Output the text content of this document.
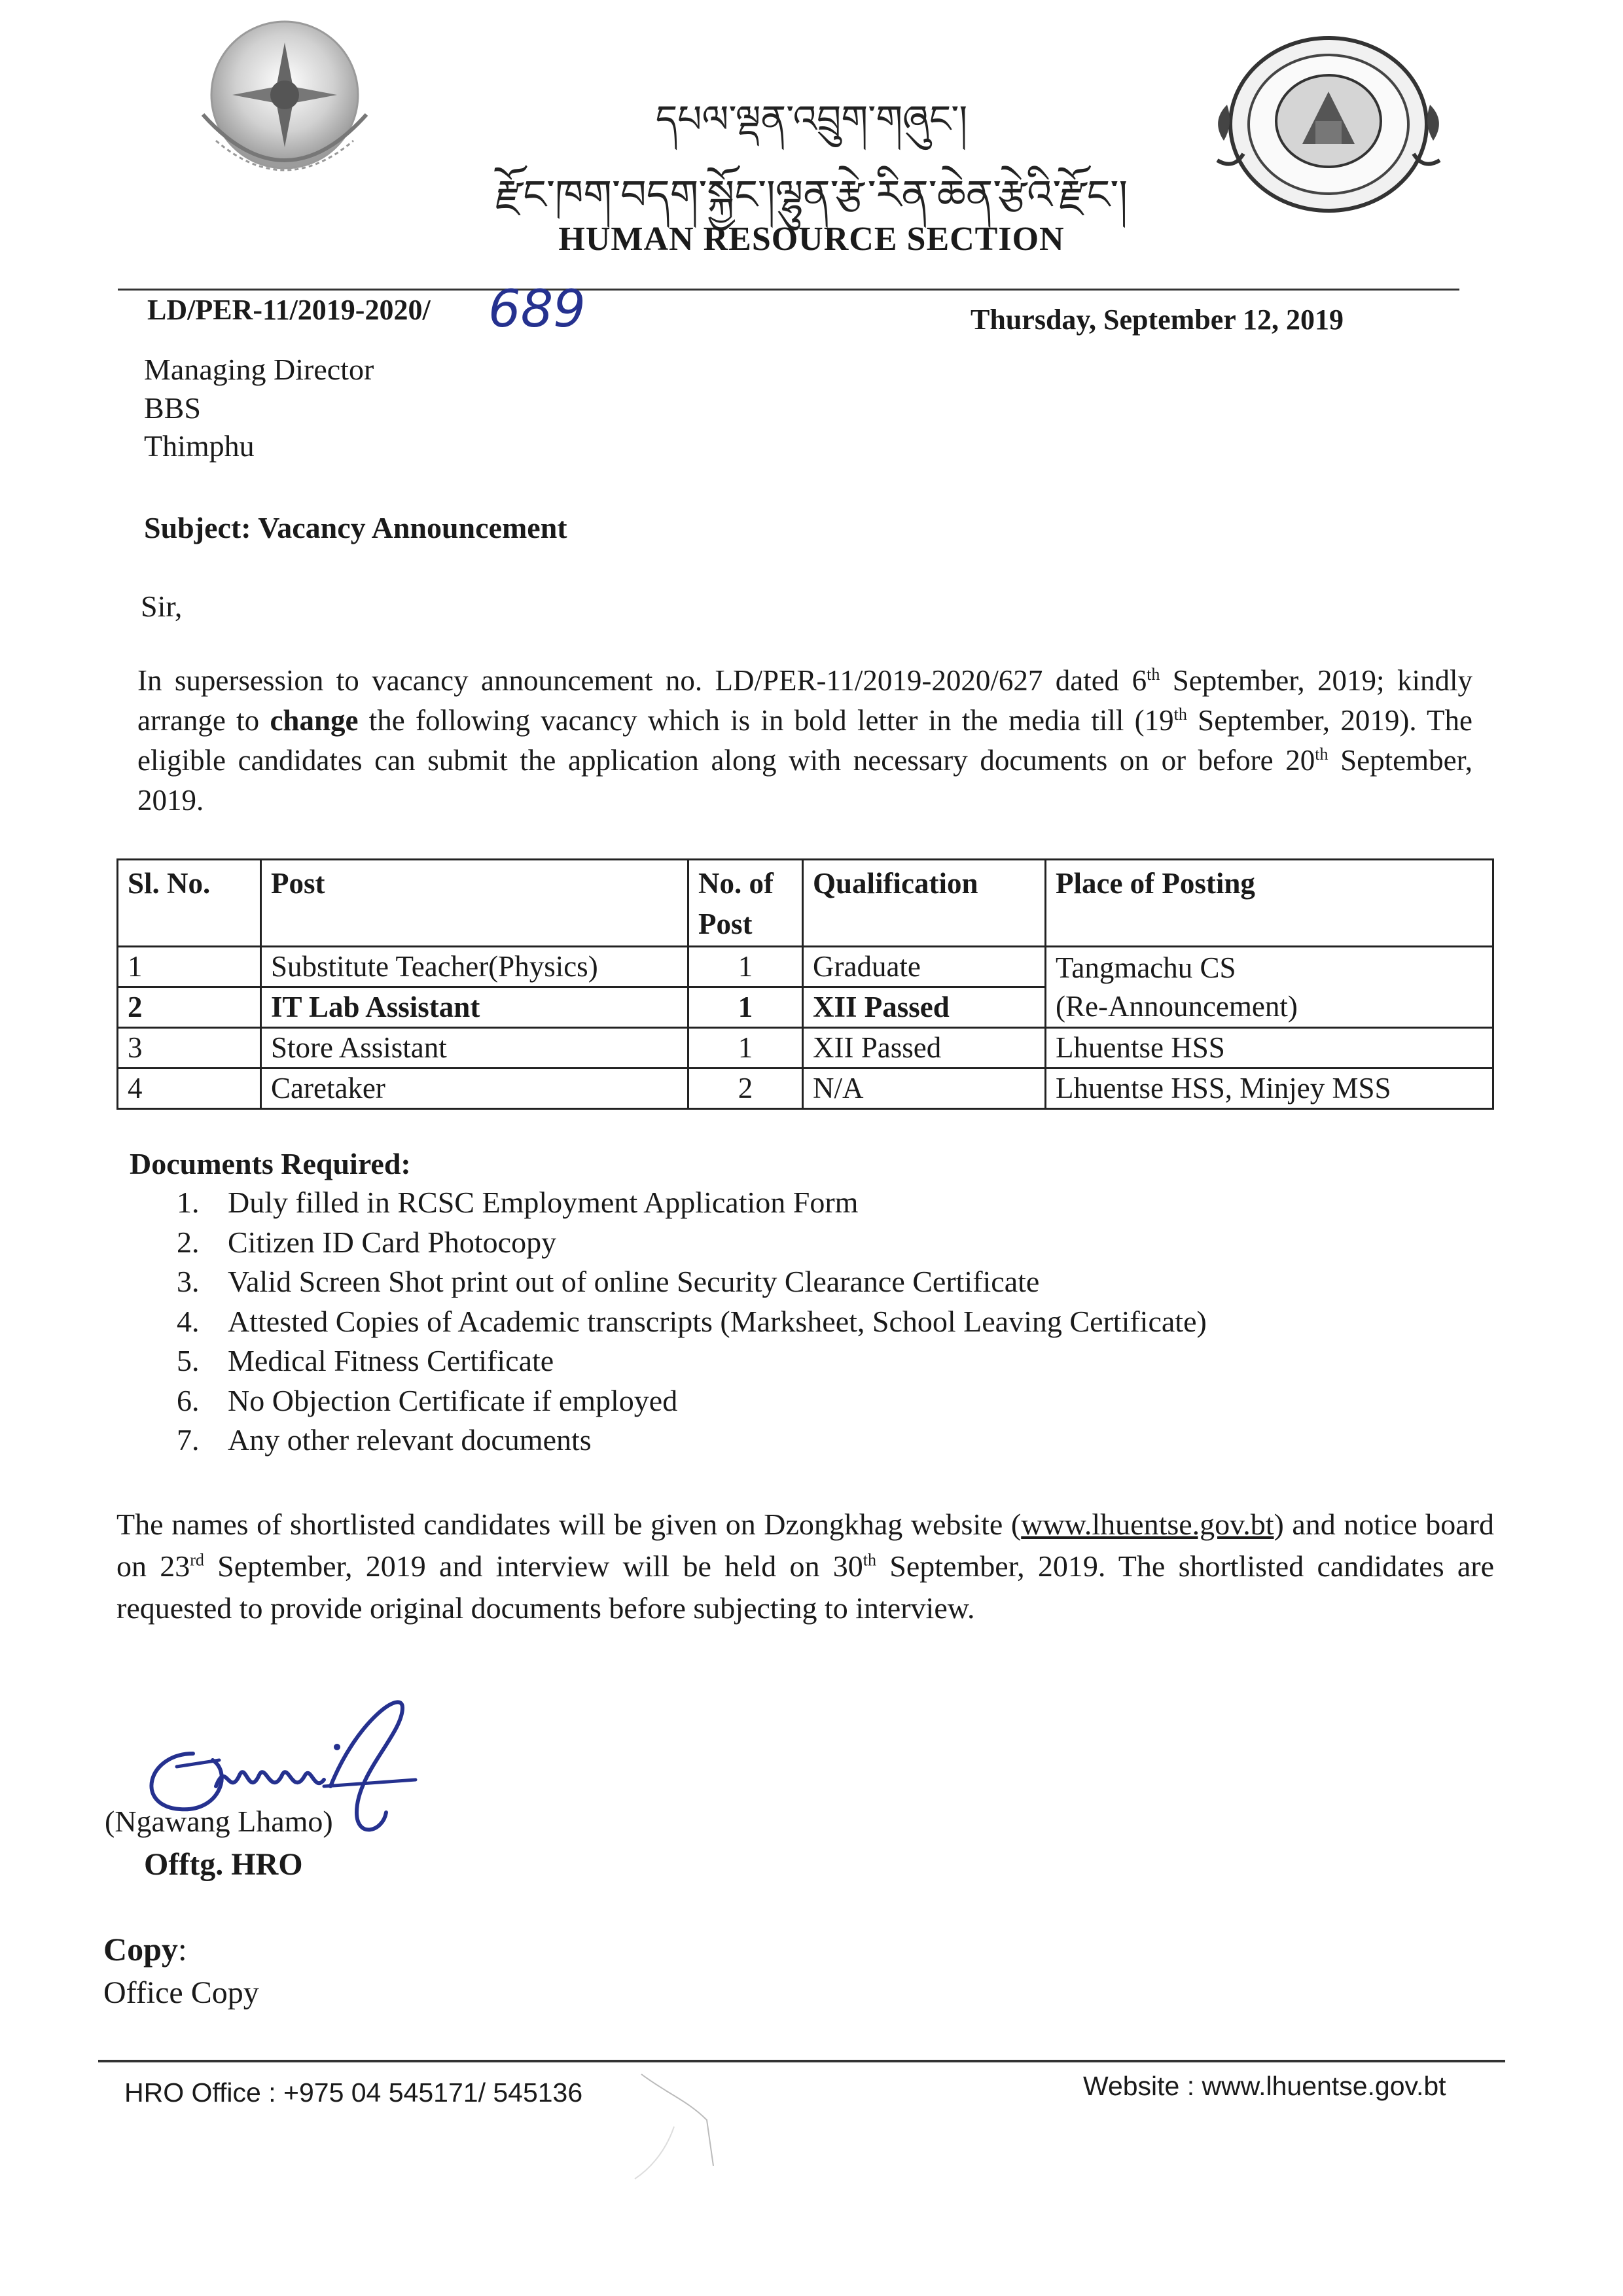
དཔལ་ལྡན་འབྲུག་གཞུང་།
རྫོང་ཁག་བདག་སྐྱོང་།ལྷུན་རྩེ་རིན་ཆེན་རྩེའི་རྫོང་།
HUMAN RESOURCE SECTION
LD/PER-11/2019-2020/ 689	Thursday, September 12, 2019
Managing Director
BBS
Thimphu
Subject: Vacancy Announcement
Sir,
In supersession to vacancy announcement no. LD/PER-11/2019-2020/627 dated 6th September, 2019; kindly arrange to change the following vacancy which is in bold letter in the media till (19th September, 2019). The eligible candidates can submit the application along with necessary documents on or before 20th September, 2019.
Sl. No.	Post	No. of Post	Qualification	Place of Posting
1	Substitute Teacher(Physics)	1	Graduate	Tangmachu CS
(Re-Announcement)

2	IT Lab Assistant	1	XII Passed	
3	Store Assistant	1	XII Passed	Lhuentse HSS
4	Caretaker	2	N/A	Lhuentse HSS, Minjey MSS
Documents Required:
1. Duly filled in RCSC Employment Application Form
2. Citizen ID Card Photocopy
3. Valid Screen Shot print out of online Security Clearance Certificate
4. Attested Copies of Academic transcripts (Marksheet, School Leaving Certificate)
5. Medical Fitness Certificate
6. No Objection Certificate if employed
7. Any other relevant documents
The names of shortlisted candidates will be given on Dzongkhag website (www.lhuentse.gov.bt) and notice board on 23rd September, 2019 and interview will be held on 30th September, 2019. The shortlisted candidates are requested to provide original documents before subjecting to interview.
(Ngawang Lhamo)
Offtg. HRO
Copy:
Office Copy
HRO Office : +975 04 545171/ 545136	Website : www.lhuentse.gov.bt
